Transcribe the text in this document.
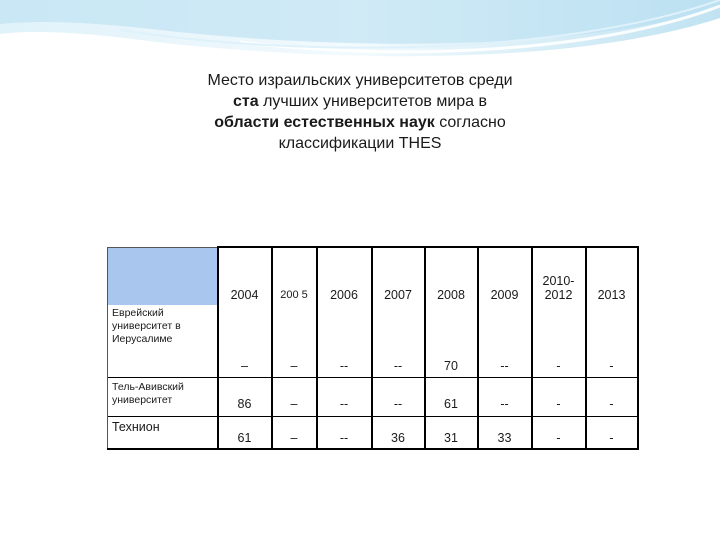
Место израильских университетов среди
ста лучших университетов мира в
области естественных наук согласно
классификации THES
	2004	200 5	2006	2007	2008	2009	2010-2012	2013
Еврейский университет в Иерусалиме	–	–	--	--	70	--	-	-
Тель-Авивский университет	86	–	--	--	61	--	-	-
Технион	61	–	--	36	31	33	-	-
